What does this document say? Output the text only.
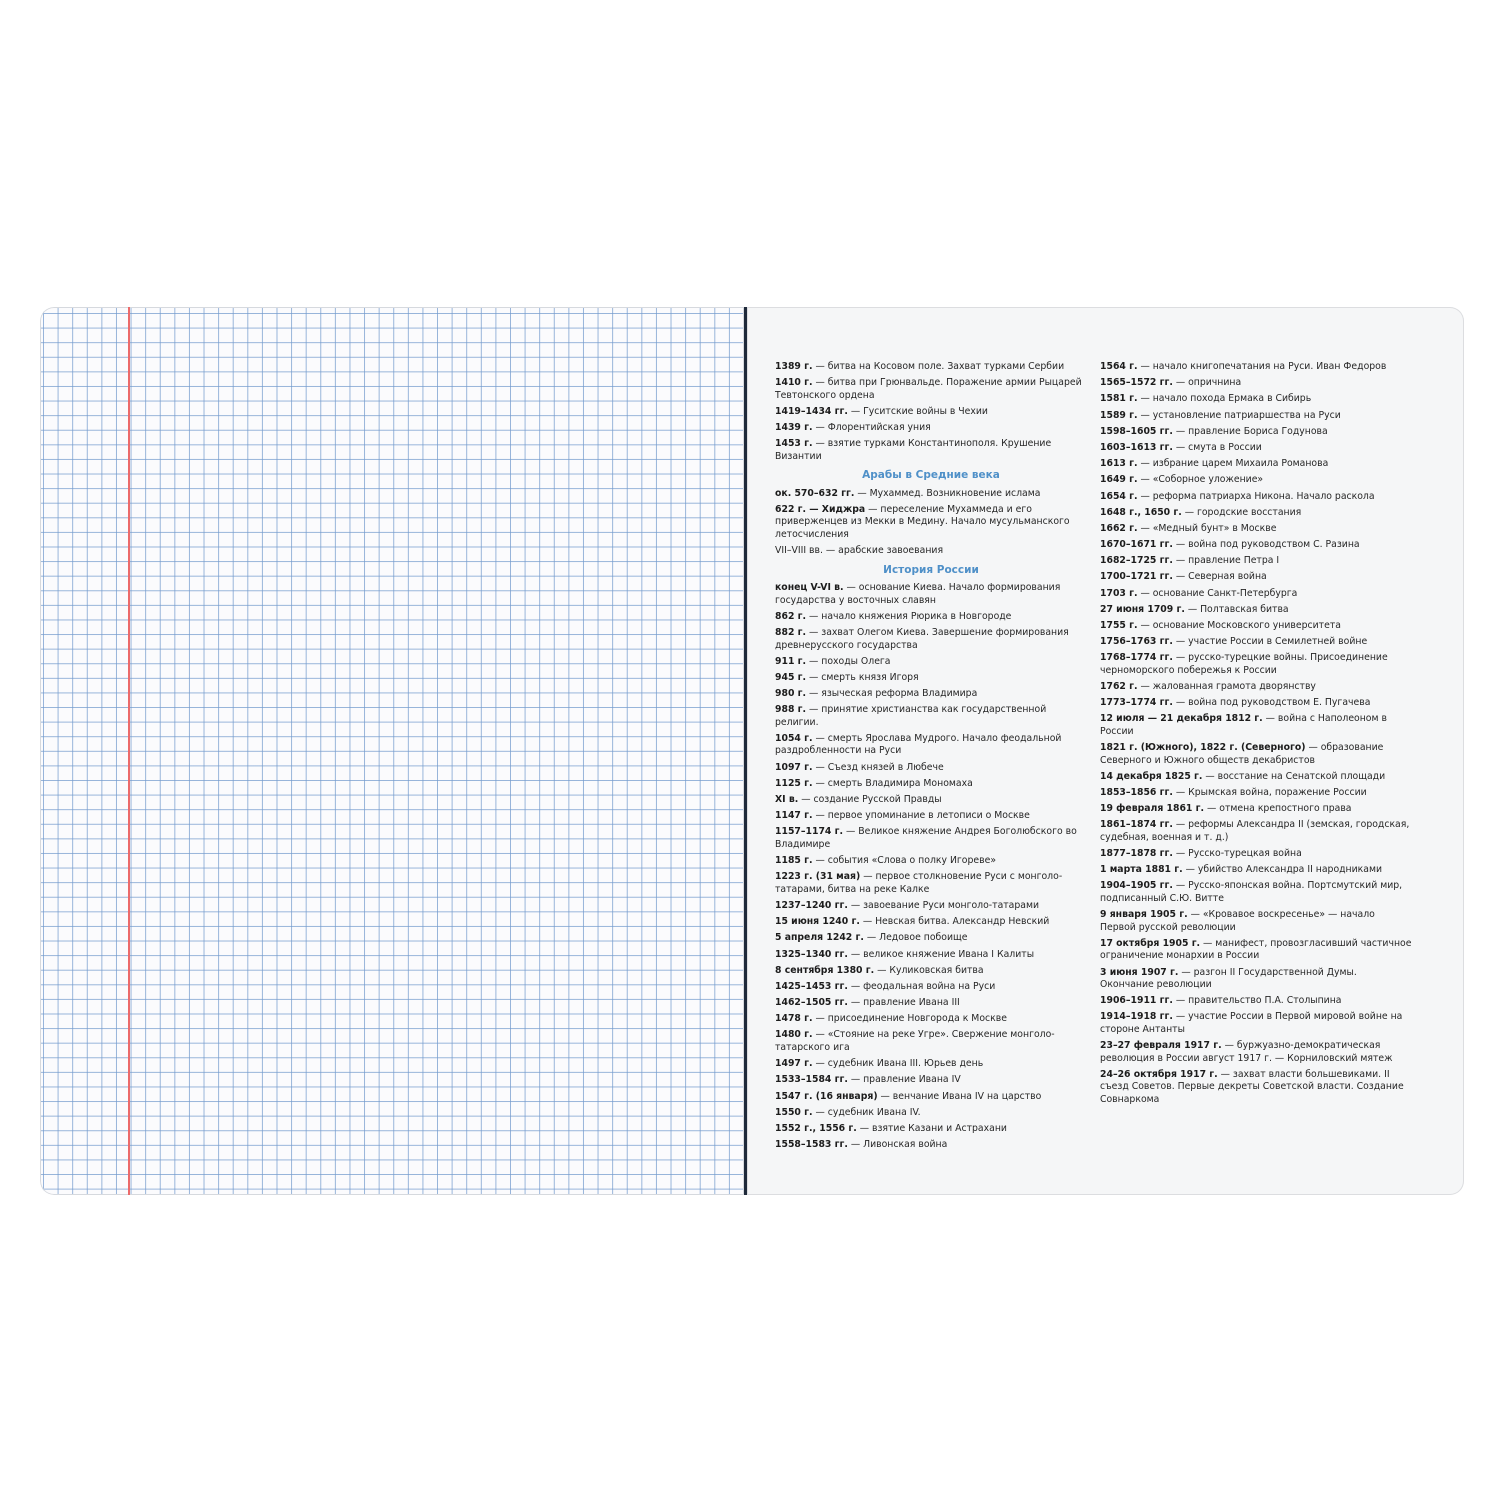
1389 г. — битва на Косовом поле. Захват турками Сербии
1410 г. — битва при Грюнвальде. Поражение армии Рыцарей Тевтонского ордена
1419–1434 гг. — Гуситские войны в Чехии
1439 г. — Флорентийская уния
1453 г. — взятие турками Константинополя. Крушение Византии
Арабы в Средние века
ок. 570–632 гг. — Мухаммед. Возникновение ислама
622 г. — Хиджра — переселение Мухаммеда и его приверженцев из Мекки в Медину. Начало мусульманского летосчисления
VII–VIII вв. — арабские завоевания
История России
конец V-VI в. — основание Киева. Начало формирования государства у восточных славян
862 г. — начало княжения Рюрика в Новгороде
882 г. — захват Олегом Киева. Завершение формирования древнерусского государства
911 г. — походы Олега
945 г. — смерть князя Игоря
980 г. — языческая реформа Владимира
988 г. — принятие христианства как государственной религии.
1054 г. — смерть Ярослава Мудрого. Начало феодальной раздробленности на Руси
1097 г. — Съезд князей в Любече
1125 г. — смерть Владимира Мономаха
XI в. — создание Русской Правды
1147 г. — первое упоминание в летописи о Москве
1157–1174 г. — Великое княжение Андрея Боголюбского во Владимире
1185 г. — события «Слова о полку Игореве»
1223 г. (31 мая) — первое столкновение Руси с монголо-татарами, битва на реке Калке
1237–1240 гг. — завоевание Руси монголо-татарами
15 июня 1240 г. — Невская битва. Александр Невский
5 апреля 1242 г. — Ледовое побоище
1325–1340 гг. — великое княжение Ивана I Калиты
8 сентября 1380 г. — Куликовская битва
1425–1453 гг. — феодальная война на Руси
1462–1505 гг. — правление Ивана III
1478 г. — присоединение Новгорода к Москве
1480 г. — «Стояние на реке Угре». Свержение монголо-татарского ига
1497 г. — судебник Ивана III. Юрьев день
1533–1584 гг. — правление Ивана IV
1547 г. (16 января) — венчание Ивана IV на царство
1550 г. — судебник Ивана IV.
1552 г., 1556 г. — взятие Казани и Астрахани
1558–1583 гг. — Ливонская война
1564 г. — начало книгопечатания на Руси. Иван Федоров
1565–1572 гг. — опричнина
1581 г. — начало похода Ермака в Сибирь
1589 г. — установление патриаршества на Руси
1598–1605 гг. — правление Бориса Годунова
1603–1613 гг. — смута в России
1613 г. — избрание царем Михаила Романова
1649 г. — «Соборное уложение»
1654 г. — реформа патриарха Никона. Начало раскола
1648 г., 1650 г. — городские восстания
1662 г. — «Медный бунт» в Москве
1670–1671 гг. — война под руководством С. Разина
1682–1725 гг. — правление Петра I
1700–1721 гг. — Северная война
1703 г. — основание Санкт-Петербурга
27 июня 1709 г. — Полтавская битва
1755 г. — основание Московского университета
1756–1763 гг. — участие России в Семилетней войне
1768–1774 гг. — русско-турецкие войны. Присоединение черноморского побережья к России
1762 г. — жалованная грамота дворянству
1773–1774 гг. — война под руководством Е. Пугачева
12 июля — 21 декабря 1812 г. — война с Наполеоном в России
1821 г. (Южного), 1822 г. (Северного) — образование Северного и Южного обществ декабристов
14 декабря 1825 г. — восстание на Сенатской площади
1853–1856 гг. — Крымская война, поражение России
19 февраля 1861 г. — отмена крепостного права
1861–1874 гг. — реформы Александра II (земская, городская, судебная, военная и т. д.)
1877–1878 гг. — Русско-турецкая война
1 марта 1881 г. — убийство Александра II народниками
1904–1905 гг. — Русско-японская война. Портсмутский мир, подписанный С.Ю. Витте
9 января 1905 г. — «Кровавое воскресенье» — начало Первой русской революции
17 октября 1905 г. — манифест, провозгласивший частичное ограничение монархии в России
3 июня 1907 г. — разгон II Государственной Думы. Окончание революции
1906–1911 гг. — правительство П.А. Столыпина
1914–1918 гг. — участие России в Первой мировой войне на стороне Антанты
23–27 февраля 1917 г. — буржуазно-демократическая революция в России август 1917 г. — Корниловский мятеж
24–26 октября 1917 г. — захват власти большевиками. II съезд Советов. Первые декреты Советской власти. Создание Совнаркома
